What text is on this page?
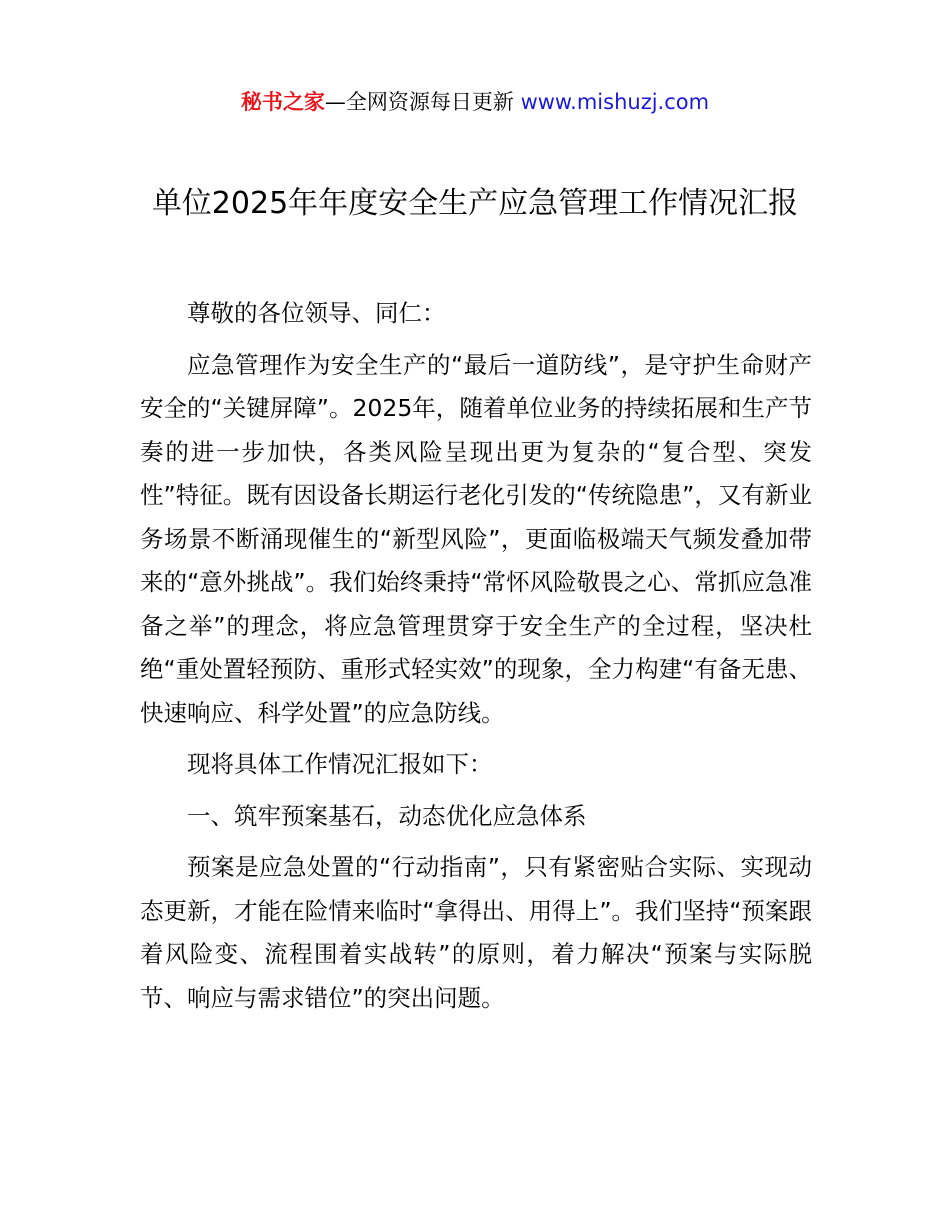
秘书之家—全网资源每日更新 www.mishuzj.com
单位2025年年度安全生产应急管理工作情况汇报

尊敬的各位领导、同仁：

应急管理作为安全生产的“最后一道防线”，是守护生命财产安全的“关键屏障”。2025年，随着单位业务的持续拓展和生产节奏的进一步加快，各类风险呈现出更为复杂的“复合型、突发性”特征。既有因设备长期运行老化引发的“传统隐患”，又有新业务场景不断涌现催生的“新型风险”，更面临极端天气频发叠加带来的“意外挑战”。我们始终秉持“常怀风险敬畏之心、常抓应急准备之举”的理念，将应急管理贯穿于安全生产的全过程，坚决杜绝“重处置轻预防、重形式轻实效”的现象，全力构建“有备无患、快速响应、科学处置”的应急防线。

现将具体工作情况汇报如下：

一、筑牢预案基石，动态优化应急体系

预案是应急处置的“行动指南”，只有紧密贴合实际、实现动态更新，才能在险情来临时“拿得出、用得上”。我们坚持“预案跟着风险变、流程围着实战转”的原则，着力解决“预案与实际脱节、响应与需求错位”的突出问题。
